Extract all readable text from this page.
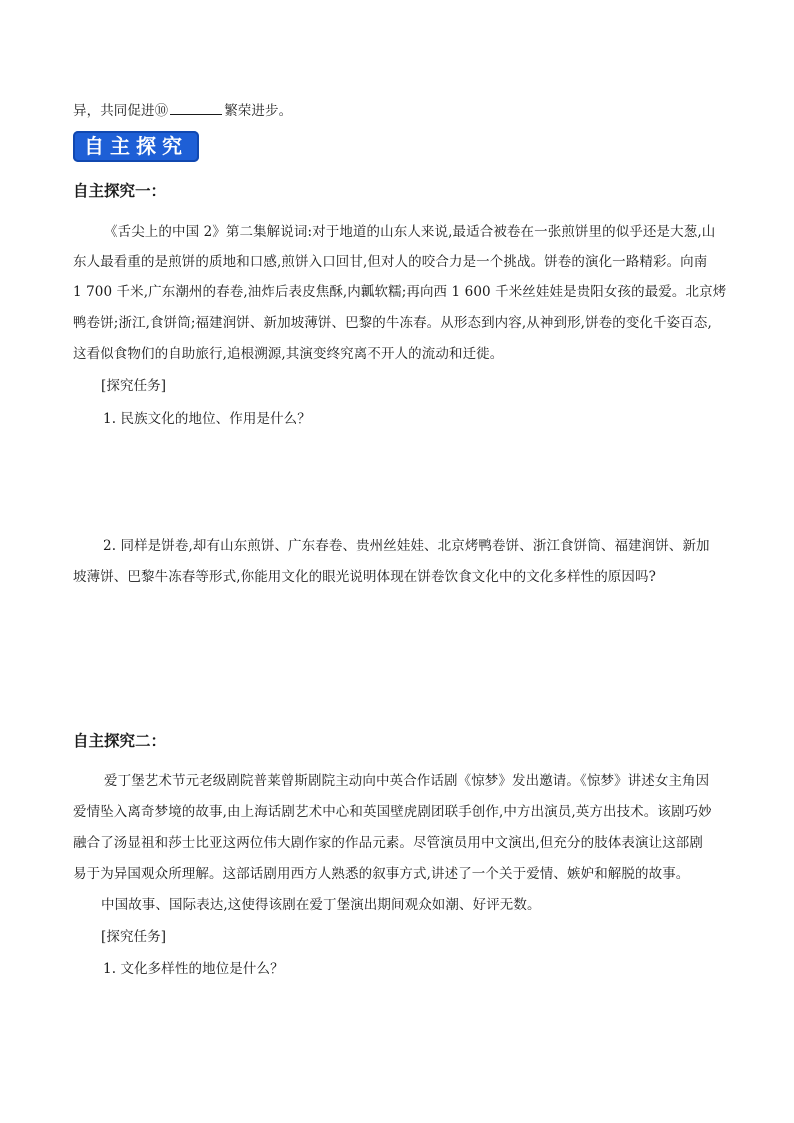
异，共同促进⑩	繁荣进步。
自主探究
自主探究一：
《舌尖上的中国 2》第二集解说词:对于地道的山东人来说,最适合被卷在一张煎饼里的似乎还是大葱,山
东人最看重的是煎饼的质地和口感,煎饼入口回甘,但对人的咬合力是一个挑战。饼卷的演化一路精彩。向南
1 700 千米,广东潮州的春卷,油炸后表皮焦酥,内瓤软糯;再向西 1 600 千米丝娃娃是贵阳女孩的最爱。北京烤
鸭卷饼;浙江,食饼筒;福建润饼、新加坡薄饼、巴黎的牛冻春。从形态到内容,从神到形,饼卷的变化千姿百态,
这看似食物们的自助旅行,追根溯源,其演变终究离不开人的流动和迁徙。
[探究任务]
1. 民族文化的地位、作用是什么？
2. 同样是饼卷,却有山东煎饼、广东春卷、贵州丝娃娃、北京烤鸭卷饼、浙江食饼筒、福建润饼、新加
坡薄饼、巴黎牛冻春等形式,你能用文化的眼光说明体现在饼卷饮食文化中的文化多样性的原因吗?
自主探究二：
爱丁堡艺术节元老级剧院普莱曾斯剧院主动向中英合作话剧《惊梦》发出邀请。《惊梦》讲述女主角因
爱情坠入离奇梦境的故事,由上海话剧艺术中心和英国壁虎剧团联手创作,中方出演员,英方出技术。该剧巧妙
融合了汤显祖和莎士比亚这两位伟大剧作家的作品元素。尽管演员用中文演出,但充分的肢体表演让这部剧
易于为异国观众所理解。这部话剧用西方人熟悉的叙事方式,讲述了一个关于爱情、嫉妒和解脱的故事。
中国故事、国际表达,这使得该剧在爱丁堡演出期间观众如潮、好评无数。
[探究任务]
1. 文化多样性的地位是什么？
